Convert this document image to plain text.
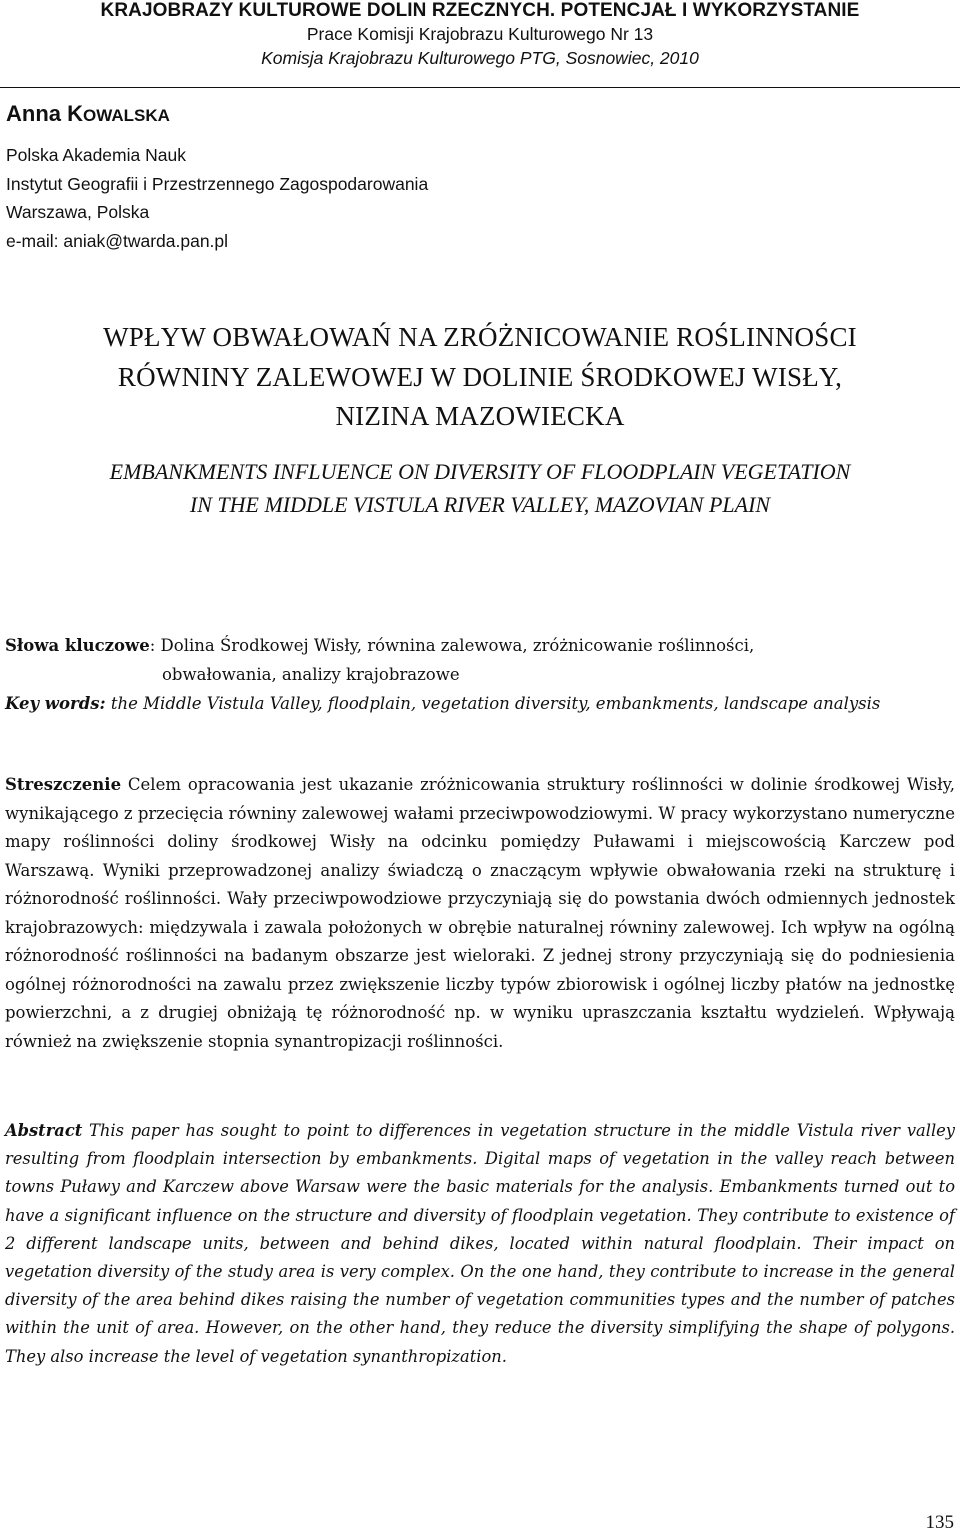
KRAJOBRAZY KULTUROWE DOLIN RZECZNYCH. POTENCJAŁ I WYKORZYSTANIE
Prace Komisji Krajobrazu Kulturowego Nr 13
Komisja Krajobrazu Kulturowego PTG, Sosnowiec, 2010
Anna KOWALSKA
Polska Akademia Nauk
Instytut Geografii i Przestrzennego Zagospodarowania
Warszawa, Polska
e-mail: aniak@twarda.pan.pl
WPŁYW OBWAŁOWAŃ NA ZRÓŻNICOWANIE ROŚLINNOŚCI
RÓWNINY ZALEWOWEJ W DOLINIE ŚRODKOWEJ WISŁY,
NIZINA MAZOWIECKA
EMBANKMENTS INFLUENCE ON DIVERSITY OF FLOODPLAIN VEGETATION
IN THE MIDDLE VISTULA RIVER VALLEY, MAZOVIAN PLAIN
Słowa kluczowe: Dolina Środkowej Wisły, równina zalewowa, zróżnicowanie roślinności,
obwałowania, analizy krajobrazowe
Key words: the Middle Vistula Valley, floodplain, vegetation diversity, embankments, landscape analysis
Streszczenie Celem opracowania jest ukazanie zróżnicowania struktury roślinności w dolinie środkowej Wisły, wynikającego z przecięcia równiny zalewowej wałami przeciwpowodziowymi. W pracy wykorzystano numeryczne mapy roślinności doliny środkowej Wisły na odcinku pomiędzy Puławami i miejscowością Karczew pod Warszawą. Wyniki przeprowadzonej analizy świadczą o znaczącym wpływie obwałowania rzeki na strukturę i różnorodność roślinności. Wały przeciwpowodziowe przyczyniają się do powstania dwóch odmiennych jednostek krajobrazowych: międzywala i zawala położonych w obrębie naturalnej równiny zalewowej. Ich wpływ na ogólną różnorodność roślinności na badanym obszarze jest wieloraki. Z jednej strony przyczyniają się do podniesienia ogólnej różnorodności na zawalu przez zwiększenie liczby typów zbiorowisk i ogólnej liczby płatów na jednostkę powierzchni, a z drugiej obniżają tę różnorodność np. w wyniku upraszczania kształtu wydzieleń. Wpływają również na zwiększenie stopnia synantropizacji roślinności.
Abstract This paper has sought to point to differences in vegetation structure in the middle Vistula river valley resulting from floodplain intersection by embankments. Digital maps of vegetation in the valley reach between towns Puławy and Karczew above Warsaw were the basic materials for the analysis. Embankments turned out to have a significant influence on the structure and diversity of floodplain vegetation. They contribute to existence of 2 different landscape units, between and behind dikes, located within natural floodplain. Their impact on vegetation diversity of the study area is very complex. On the one hand, they contribute to increase in the general diversity of the area behind dikes raising the number of vegetation communities types and the number of patches within the unit of area. However, on the other hand, they reduce the diversity simplifying the shape of polygons. They also increase the level of vegetation synanthropization.
135
